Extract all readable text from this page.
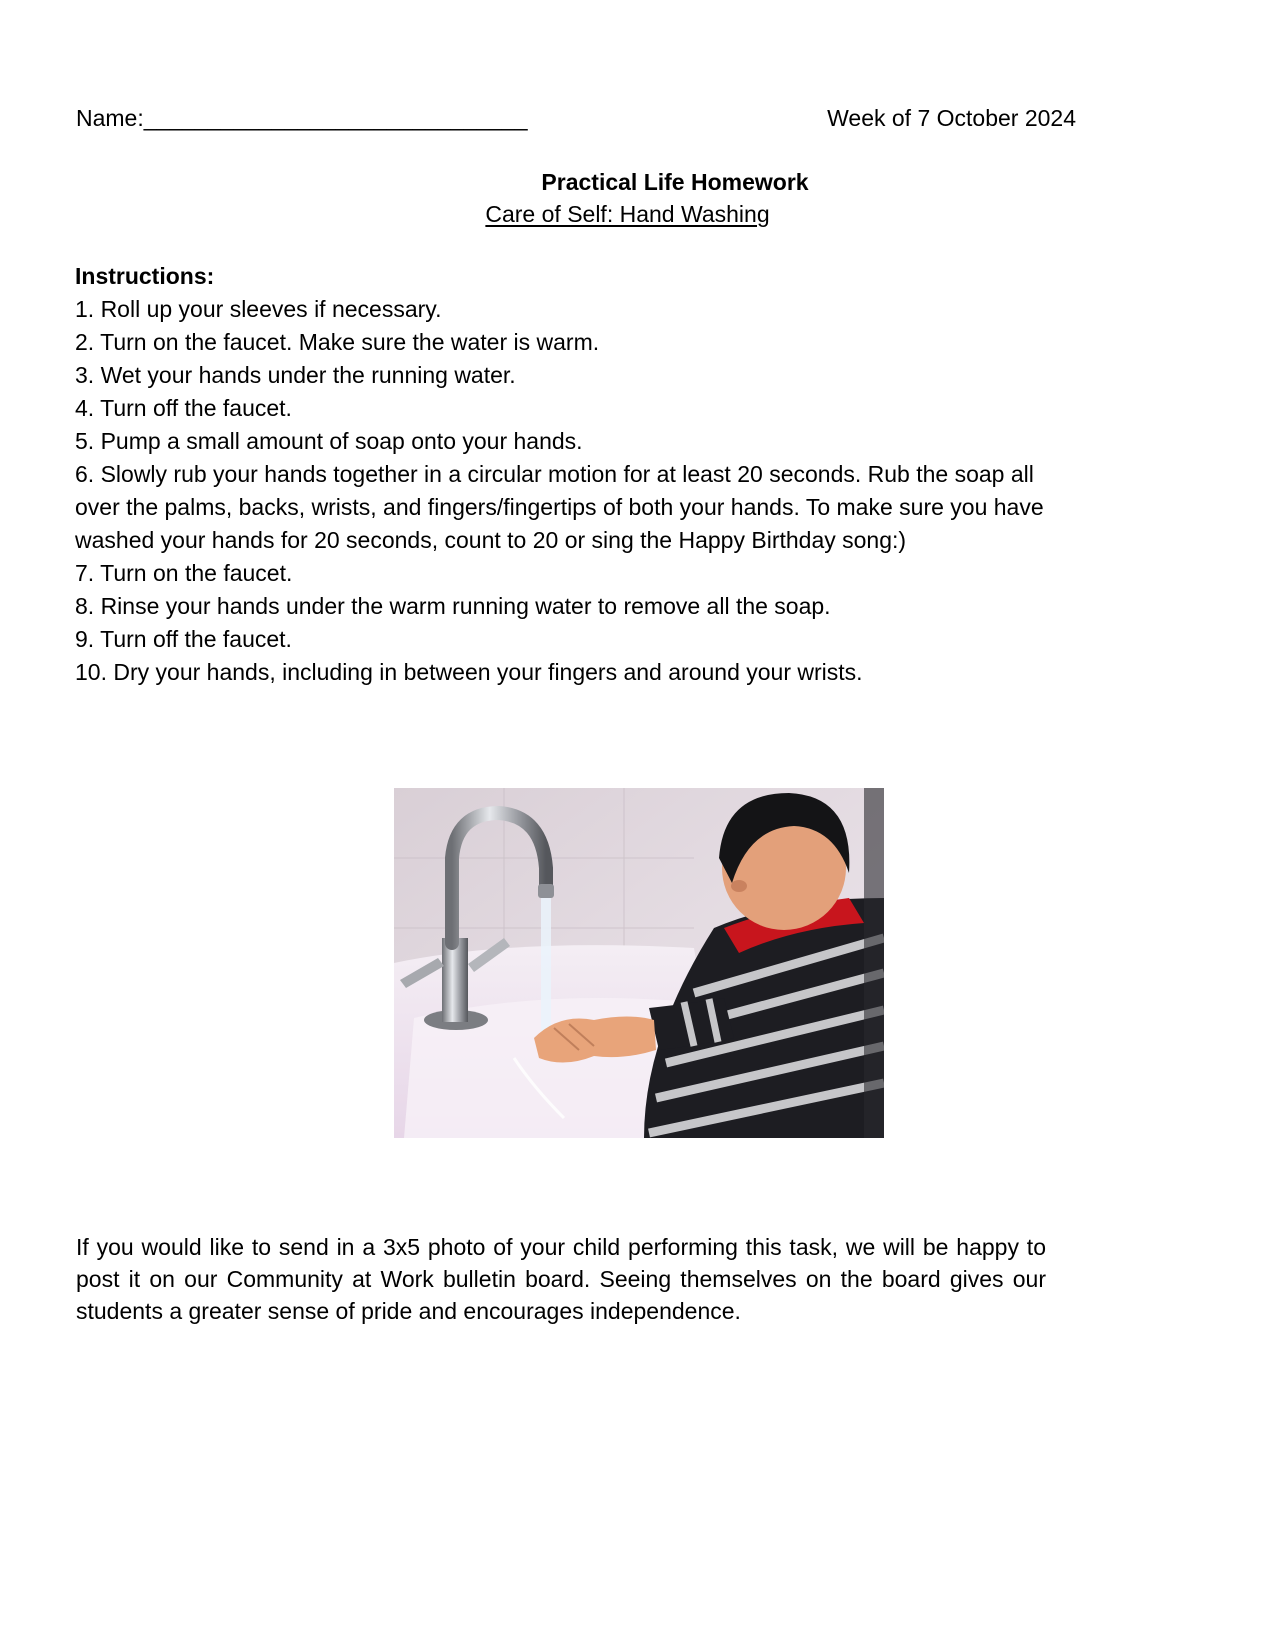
Name:______________________________	Week of 7 October 2024
Practical Life Homework
Care of Self: Hand Washing
Instructions:
1. Roll up your sleeves if necessary.
2. Turn on the faucet. Make sure the water is warm.
3. Wet your hands under the running water.
4. Turn off the faucet.
5. Pump a small amount of soap onto your hands.
6. Slowly rub your hands together in a circular motion for at least 20 seconds. Rub the soap all over the palms, backs, wrists, and fingers/fingertips of both your hands. To make sure you have washed your hands for 20 seconds, count to 20 or sing the Happy Birthday song:)
7. Turn on the faucet.
8. Rinse your hands under the warm running water to remove all the soap.
9. Turn off the faucet.
10. Dry your hands, including in between your fingers and around your wrists.

If you would like to send in a 3x5 photo of your child performing this task, we will be happy to post it on our Community at Work bulletin board. Seeing themselves on the board gives our students a greater sense of pride and encourages independence.
